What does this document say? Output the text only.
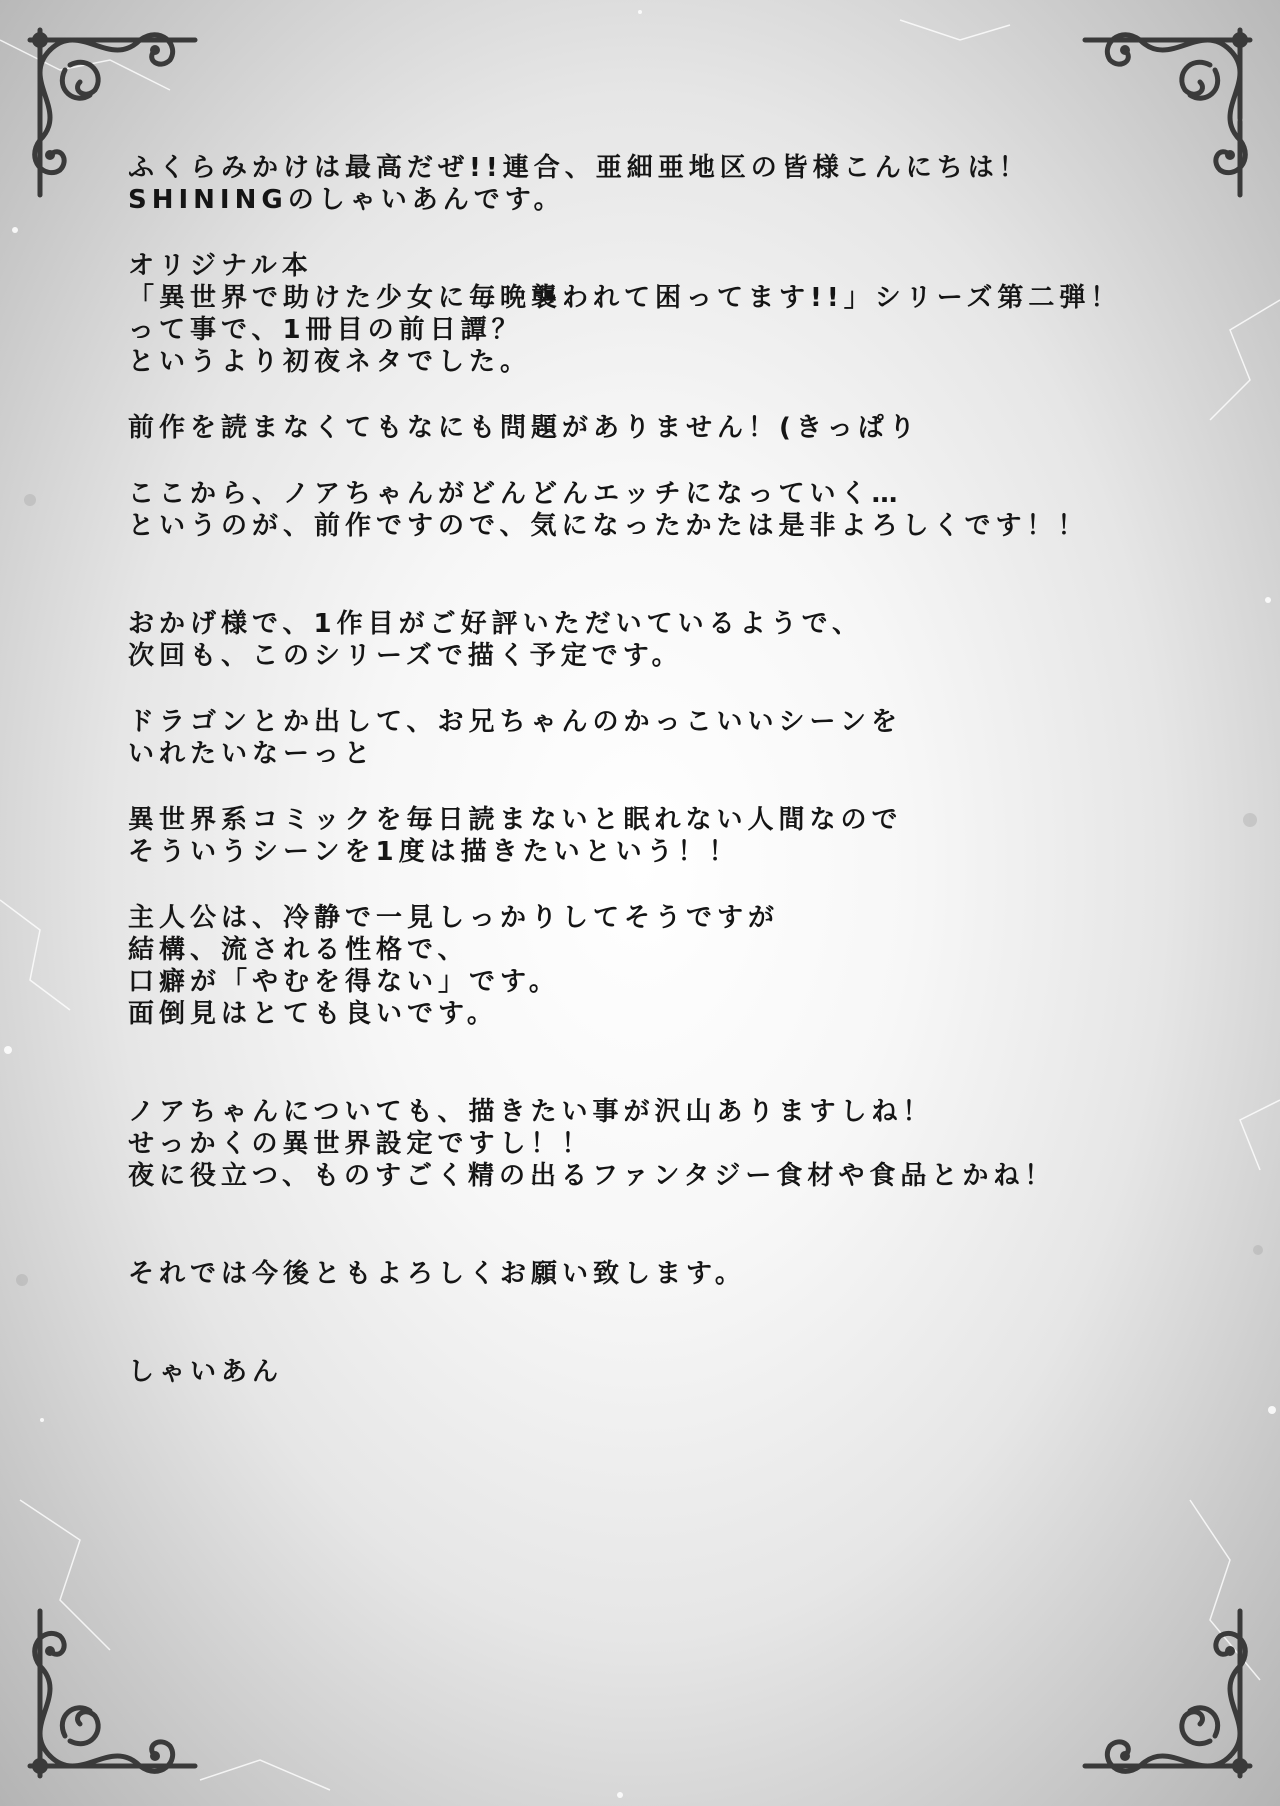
ふくらみかけは最高だぜ!!連合、亜細亜地区の皆様こんにちは！
SHININGのしゃいあんです。
オリジナル本
「異世界で助けた少女に毎晩襲われて困ってます!!」シリーズ第二弾！
って事で、1冊目の前日譚？
というより初夜ネタでした。
前作を読まなくてもなにも問題がありません！(きっぱり
ここから、ノアちゃんがどんどんエッチになっていく…
というのが、前作ですので、気になったかたは是非よろしくです！！
おかげ様で、1作目がご好評いただいているようで、
次回も、このシリーズで描く予定です。
ドラゴンとか出して、お兄ちゃんのかっこいいシーンを
いれたいなーっと
異世界系コミックを毎日読まないと眠れない人間なので
そういうシーンを1度は描きたいという！！
主人公は、冷静で一見しっかりしてそうですが
結構、流される性格で、
口癖が「やむを得ない」です。
面倒見はとても良いです。
ノアちゃんについても、描きたい事が沢山ありますしね！
せっかくの異世界設定ですし！！
夜に役立つ、ものすごく精の出るファンタジー食材や食品とかね！
それでは今後ともよろしくお願い致します。
しゃいあん
